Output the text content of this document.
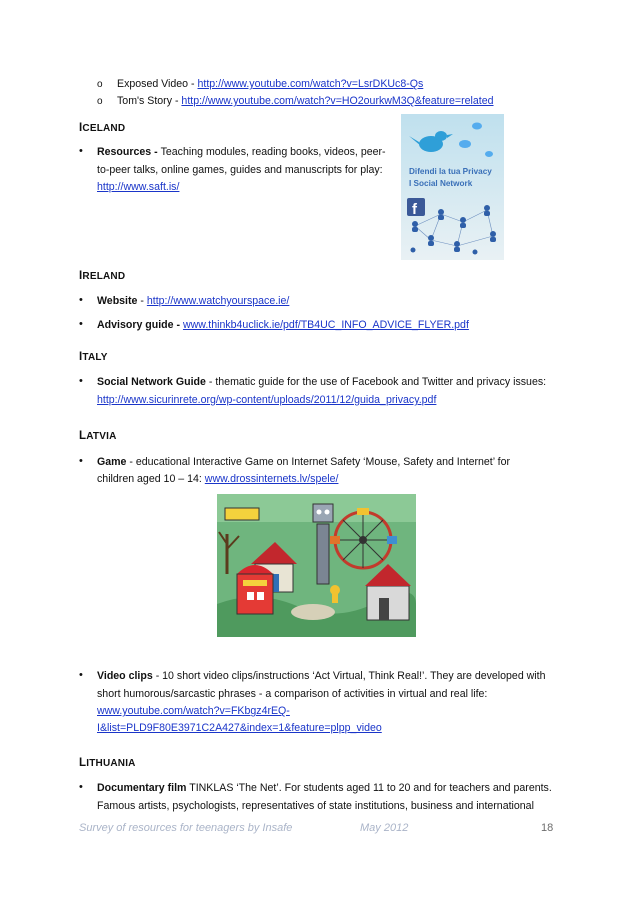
o Exposed Video - http://www.youtube.com/watch?v=LsrDKUc8-Qs
o Tom's Story - http://www.youtube.com/watch?v=HO2ourkwM3Q&feature=related
ICELAND
• Resources - Teaching modules, reading books, videos, peer-
to-peer talks, online games, guides and manuscripts for play:
http://www.saft.is/
Difendi la tua Privacy
I Social Network
f
IRELAND
• Website - http://www.watchyourspace.ie/
• Advisory guide - www.thinkb4uclick.ie/pdf/TB4UC_INFO_ADVICE_FLYER.pdf
ITALY
• Social Network Guide - thematic guide for the use of Facebook and Twitter and privacy issues:
http://www.sicurinrete.org/wp-content/uploads/2011/12/guida_privacy.pdf
LATVIA
• Game - educational Interactive Game on Internet Safety ‘Mouse, Safety and Internet’ for
children aged 10 – 14: www.drossinternets.lv/spele/
• Video clips - 10 short video clips/instructions ‘Act Virtual, Think Real!’. They are developed with
short humorous/sarcastic phrases - a comparison of activities in virtual and real life:
www.youtube.com/watch?v=FKbgz4rEQ-
I&list=PLD9F80E3971C2A427&index=1&feature=plpp_video
LITHUANIA
• Documentary film TINKLAS ‘The Net’. For students aged 11 to 20 and for teachers and parents.
Famous artists, psychologists, representatives of state institutions, business and international
Survey of resources for teenagers by Insafe	May 2012	18
